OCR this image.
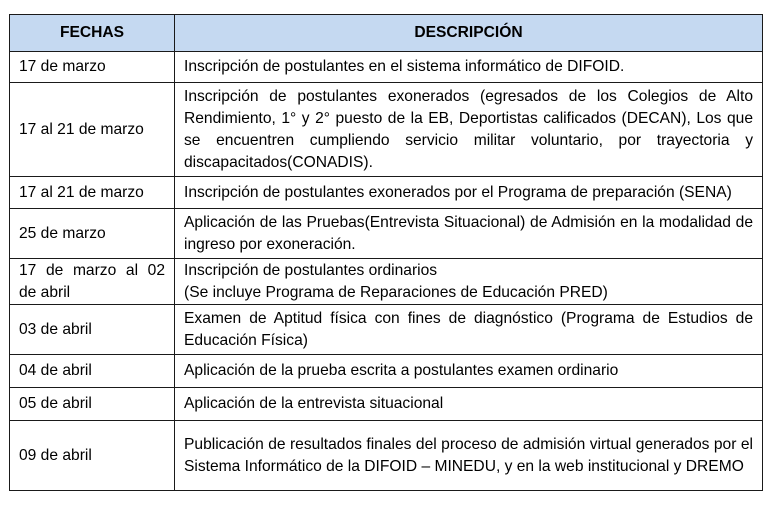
FECHAS	DESCRIPCIÓN
17 de marzo	Inscripción de postulantes en el sistema informático de DIFOID.
17 al 21 de marzo	Inscripción de postulantes exonerados (egresados de los Colegios de Alto Rendimiento, 1° y 2° puesto de la EB, Deportistas calificados (DECAN), Los que se encuentren cumpliendo servicio militar voluntario, por trayectoria y discapacitados(CONADIS).
17 al 21 de marzo	Inscripción de postulantes exonerados por el Programa de preparación (SENA)
25 de marzo	Aplicación de las Pruebas(Entrevista Situacional) de Admisión en la modalidad de ingreso por exoneración.
17 de marzo al 02 de abril	Inscripción de postulantes ordinarios
(Se incluye Programa de Reparaciones de Educación PRED)

03 de abril	Examen de Aptitud física con fines de diagnóstico (Programa de Estudios de Educación Física)
04 de abril	Aplicación de la prueba escrita a postulantes examen ordinario
05 de abril	Aplicación de la entrevista situacional
09 de abril	Publicación de resultados finales del proceso de admisión virtual generados por el Sistema Informático de la DIFOID – MINEDU, y en la web institucional y DREMO
